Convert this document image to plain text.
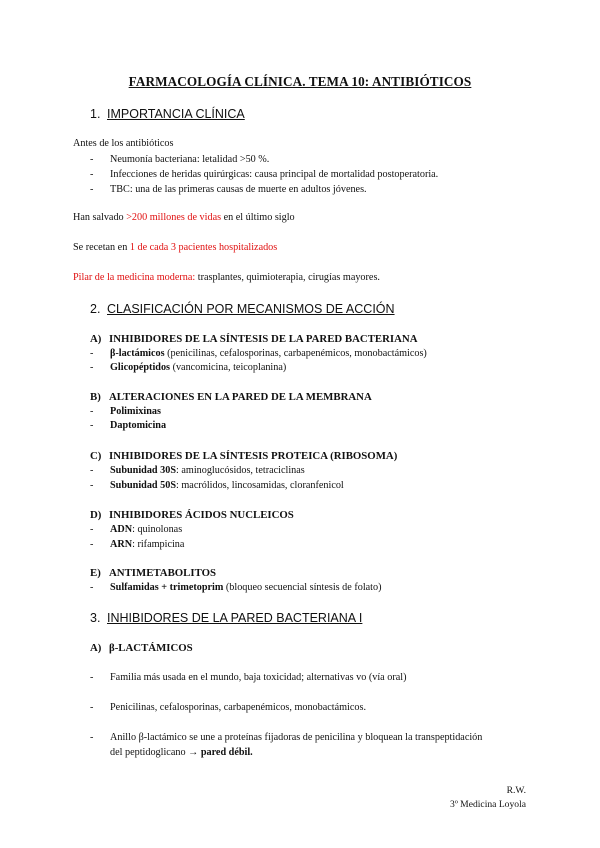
FARMACOLOGÍA CLÍNICA. TEMA 10: ANTIBIÓTICOS
1. IMPORTANCIA CLÍNICA
Antes de los antibióticos
- Neumonía bacteriana: letalidad >50 %.
- Infecciones de heridas quirúrgicas: causa principal de mortalidad postoperatoria.
- TBC: una de las primeras causas de muerte en adultos jóvenes.
Han salvado >200 millones de vidas en el último siglo
Se recetan en 1 de cada 3 pacientes hospitalizados
Pilar de la medicina moderna: trasplantes, quimioterapia, cirugías mayores.
2. CLASIFICACIÓN POR MECANISMOS DE ACCIÓN
A) INHIBIDORES DE LA SÍNTESIS DE LA PARED BACTERIANA
- β-lactámicos (penicilinas, cefalosporinas, carbapenémicos, monobactámicos)
- Glicopéptidos (vancomicina, teicoplanina)
B) ALTERACIONES EN LA PARED DE LA MEMBRANA
- Polimixinas
- Daptomicina
C) INHIBIDORES DE LA SÍNTESIS PROTEICA (RIBOSOMA)
- Subunidad 30S: aminoglucósidos, tetraciclinas
- Subunidad 50S: macrólidos, lincosamidas, cloranfenicol
D) INHIBIDORES ÁCIDOS NUCLEICOS
- ADN: quinolonas
- ARN: rifampicina
E) ANTIMETABOLITOS
- Sulfamidas + trimetoprim (bloqueo secuencial síntesis de folato)
3. INHIBIDORES DE LA PARED BACTERIANA I
A) β-LACTÁMICOS
- Familia más usada en el mundo, baja toxicidad; alternativas vo (vía oral)
- Penicilinas, cefalosporinas, carbapenémicos, monobactámicos.
- Anillo β-lactámico se une a proteínas fijadoras de penicilina y bloquean la transpeptidación
del peptidoglicano → pared débil.
R.W.
3º Medicina Loyola
